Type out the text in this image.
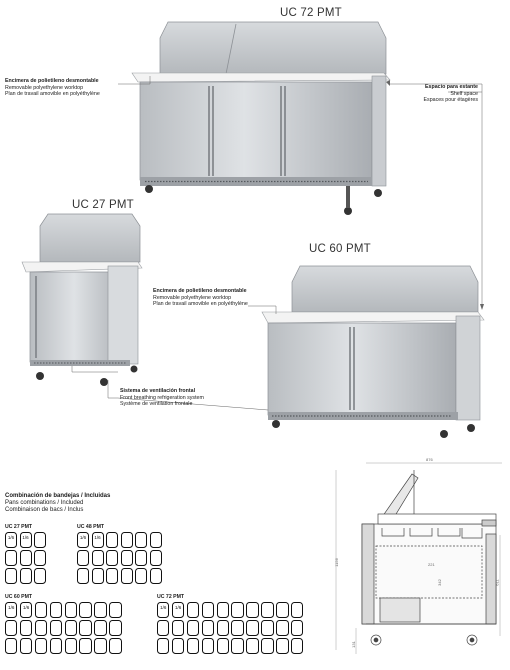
UC 72 PMT
UC 27 PMT
UC 60 PMT
Encimera de polietileno desmontable
Removable polyethylene worktop
Plan de travail amovible en polyéthylène
Espacio para estante
Shelf space
Espaces pour étagères
Encimera de polietileno desmontable
Removable polyethylene worktop
Plan de travail amovible en polyéthylène
Sistema de ventilación frontal
Front breathing refrigeration system
Système de ventilation frontale
Combinación de bandejas / Incluidas
Pans combinations / Included
Combinaison de bacs / Inclus
UC 27 PMT
1/6	1/6
UC 48 PMT
1/6	1/6
UC 60 PMT
1/6	1/6
UC 72 PMT
1/6	1/6
876
1156
611
131
342
221
